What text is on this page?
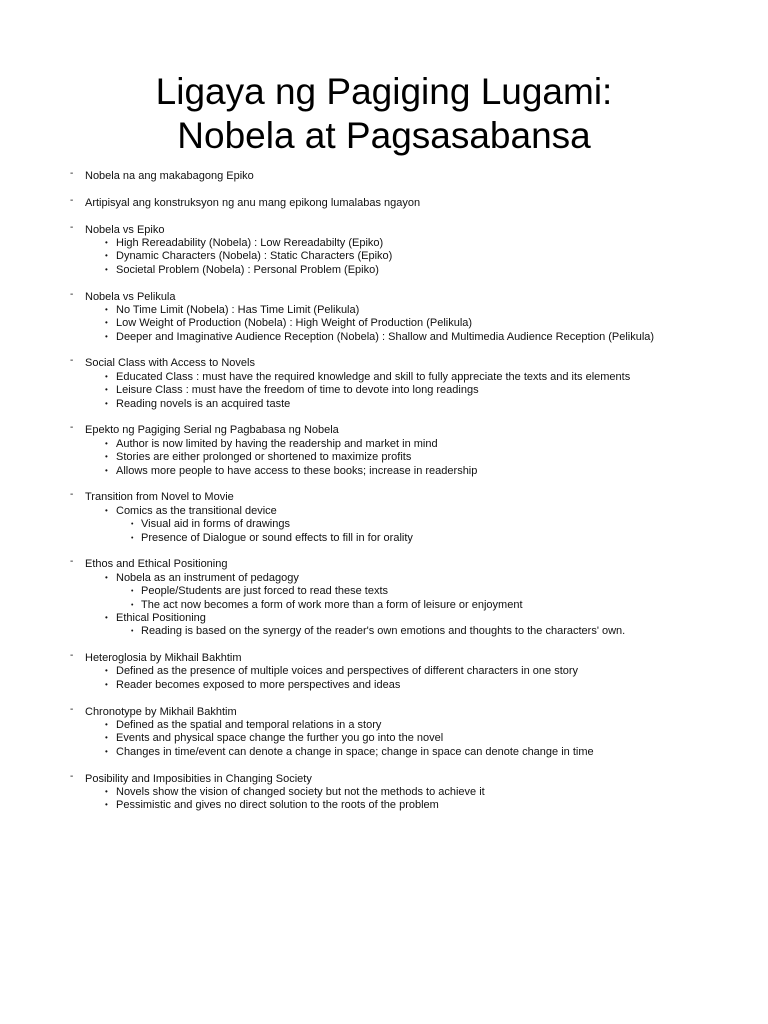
Ligaya ng Pagiging Lugami:
Nobela at Pagsasabansa
- Nobela na ang makabagong Epiko
- Artipisyal ang konstruksyon ng anu mang epikong lumalabas ngayon
- Nobela vs Epiko
• High Rereadability (Nobela) : Low Rereadabilty (Epiko)
• Dynamic Characters (Nobela) : Static Characters (Epiko)
• Societal Problem (Nobela) : Personal Problem (Epiko)
- Nobela vs Pelikula
• No Time Limit (Nobela) : Has Time Limit (Pelikula)
• Low Weight of Production (Nobela) : High Weight of Production (Pelikula)
• Deeper and Imaginative Audience Reception (Nobela) : Shallow and Multimedia Audience Reception (Pelikula)
- Social Class with Access to Novels
• Educated Class : must have the required knowledge and skill to fully appreciate the texts and its elements
• Leisure Class : must have the freedom of time to devote into long readings
• Reading novels is an acquired taste
- Epekto ng Pagiging Serial ng Pagbabasa ng Nobela
• Author is now limited by having the readership and market in mind
• Stories are either prolonged or shortened to maximize profits
• Allows more people to have access to these books; increase in readership
- Transition from Novel to Movie
• Comics as the transitional device
• Visual aid in forms of drawings
• Presence of Dialogue or sound effects to fill in for orality
- Ethos and Ethical Positioning
• Nobela as an instrument of pedagogy
• People/Students are just forced to read these texts
• The act now becomes a form of work more than a form of leisure or enjoyment
• Ethical Positioning
• Reading is based on the synergy of the reader's own emotions and thoughts to the characters' own.
- Heteroglosia by Mikhail Bakhtim
• Defined as the presence of multiple voices and perspectives of different characters in one story
• Reader becomes exposed to more perspectives and ideas
- Chronotype by Mikhail Bakhtim
• Defined as the spatial and temporal relations in a story
• Events and physical space change the further you go into the novel
• Changes in time/event can denote a change in space; change in space can denote change in time
- Posibility and Imposibities in Changing Society
• Novels show the vision of changed society but not the methods to achieve it
• Pessimistic and gives no direct solution to the roots of the problem
